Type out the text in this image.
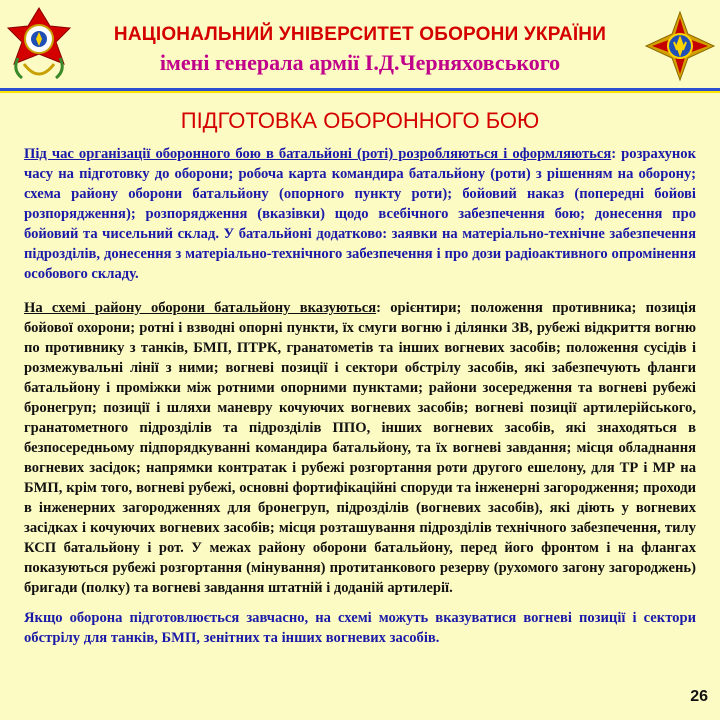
НАЦІОНАЛЬНИЙ УНІВЕРСИТЕТ ОБОРОНИ УКРАЇНИ
імені генерала армії І.Д.Черняховського
ПІДГОТОВКА ОБОРОННОГО БОЮ

Під час організації оборонного бою в батальйоні (роті) розробляються і оформляються: розрахунок часу на підготовку до оборони; робоча карта командира батальйону (роти) з рішенням на оборону; схема району оборони батальйону (опорного пункту роти); бойовий наказ (попередні бойові розпорядження); розпорядження (вказівки) щодо всебічного забезпечення бою; донесення про бойовий та чисельний склад. У батальйоні додатково: заявки на матеріально-технічне забезпечення підрозділів, донесення з матеріально-технічного забезпечення і про дози радіоактивного опромінення особового складу.

На схемі району оборони батальйону вказуються: орієнтири; положення противника; позиція бойової охорони; ротні і взводні опорні пункти, їх смуги вогню і ділянки ЗВ, рубежі відкриття вогню по противнику з танків, БМП, ПТРК, гранатометів та інших вогневих засобів; положення сусідів і розмежувальні лінії з ними; вогневі позиції і сектори обстрілу засобів, які забезпечують фланги батальйону і проміжки між ротними опорними пунктами; райони зосередження та вогневі рубежі бронегруп; позиції і шляхи маневру кочуючих вогневих засобів; вогневі позиції артилерійського, гранатометного підрозділів та підрозділів ППО, інших вогневих засобів, які знаходяться в безпосередньому підпорядкуванні командира батальйону, та їх вогневі завдання; місця обладнання вогневих засідок; напрямки контратак і рубежі розгортання роти другого ешелону, для ТР і МР на БМП, крім того, вогневі рубежі, основні фортифікаційні споруди та інженерні загородження; проходи в інженерних загородженнях для бронегруп, підрозділів (вогневих засобів), які діють у вогневих засідках і кочуючих вогневих засобів; місця розташування підрозділів технічного забезпечення, тилу КСП батальйону і рот. У межах району оборони батальйону, перед його фронтом і на флангах показуються рубежі розгортання (мінування) протитанкового резерву (рухомого загону загороджень) бригади (полку) та вогневі завдання штатній і доданій артилерії.

Якщо оборона підготовлюється завчасно, на схемі можуть вказуватися вогневі позиції і сектори обстрілу для танків, БМП, зенітних та інших вогневих засобів.

26
